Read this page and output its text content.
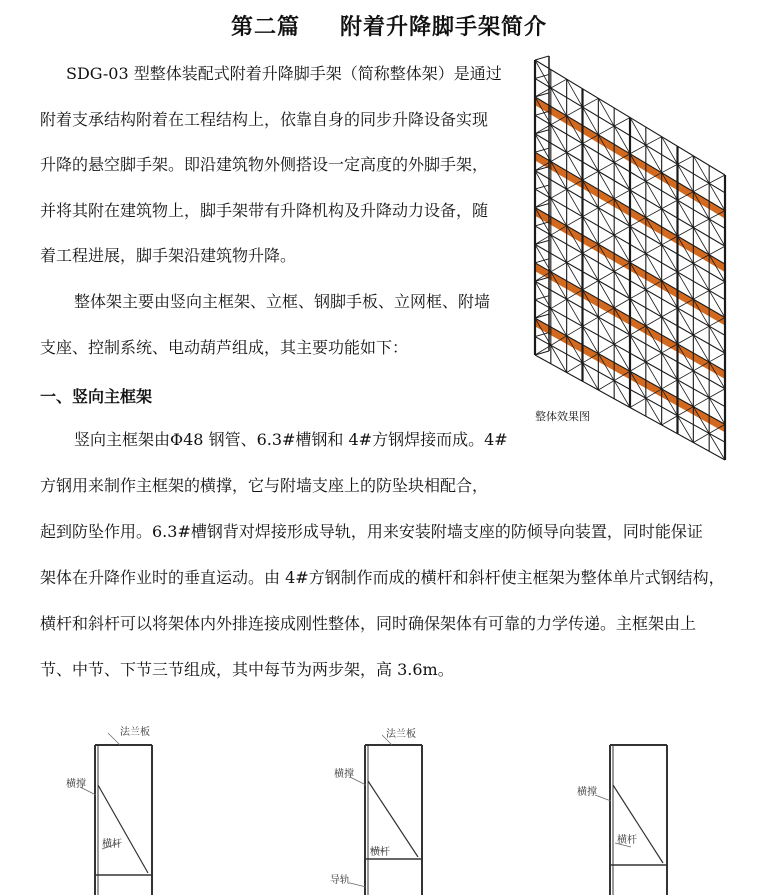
第二篇 附着升降脚手架简介
SDG-03 型整体装配式附着升降脚手架（简称整体架）是通过
附着支承结构附着在工程结构上，依靠自身的同步升降设备实现
升降的悬空脚手架。即沿建筑物外侧搭设一定高度的外脚手架，
并将其附在建筑物上，脚手架带有升降机构及升降动力设备，随
着工程进展，脚手架沿建筑物升降。
整体架主要由竖向主框架、立框、钢脚手板、立网框、附墙
支座、控制系统、电动葫芦组成，其主要功能如下：
一、竖向主框架
竖向主框架由Φ48 钢管、6.3#槽钢和 4#方钢焊接而成。4#
方钢用来制作主框架的横撑，它与附墙支座上的防坠块相配合，
起到防坠作用。6.3#槽钢背对焊接形成导轨，用来安装附墙支座的防倾导向装置，同时能保证
架体在升降作业时的垂直运动。由 4#方钢制作而成的横杆和斜杆使主框架为整体单片式钢结构，
横杆和斜杆可以将架体内外排连接成刚性整体，同时确保架体有可靠的力学传递。主框架由上
节、中节、下节三节组成，其中每节为两步架，高 3.6m。
整体效果图
法兰板
横撑
横杆
法兰板
横撑
横杆
导轨
横撑
横杆
